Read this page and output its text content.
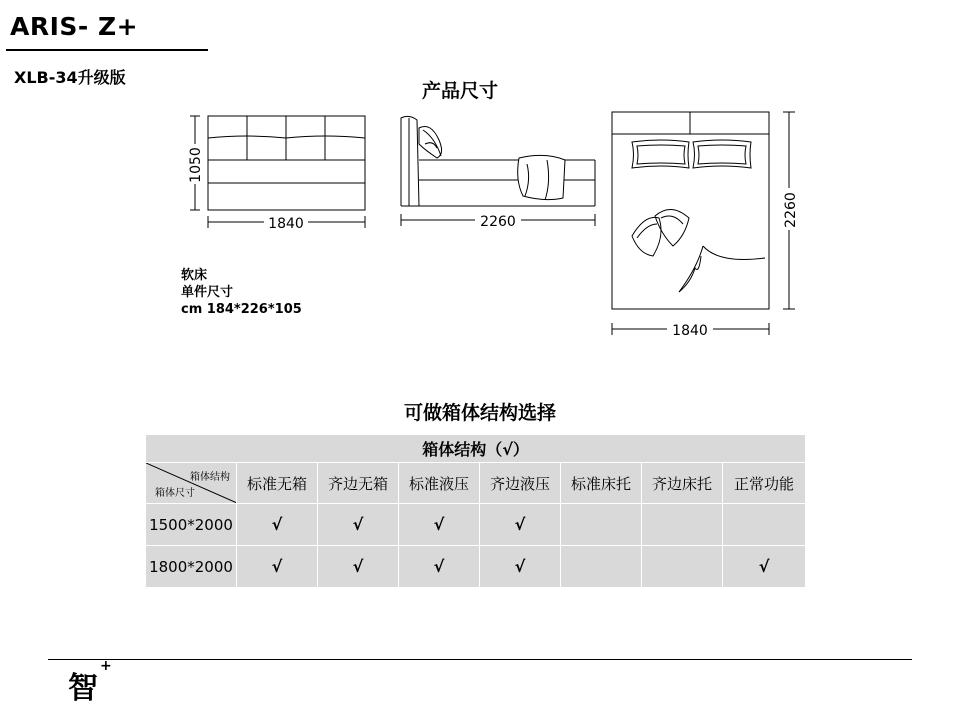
ARIS- Z+
XLB-34升级版
产品尺寸
1840
1050
2260
1840
2260
软床
单件尺寸
cm 184*226*105
可做箱体结构选择
箱体结构（√）							

箱体结构
箱体尺寸	标准无箱	齐边无箱	标准液压	齐边液压	标准床托	齐边床托	正常功能
1500*2000	√	√	√	√			
1800*2000	√	√	√	√			√
智
+
